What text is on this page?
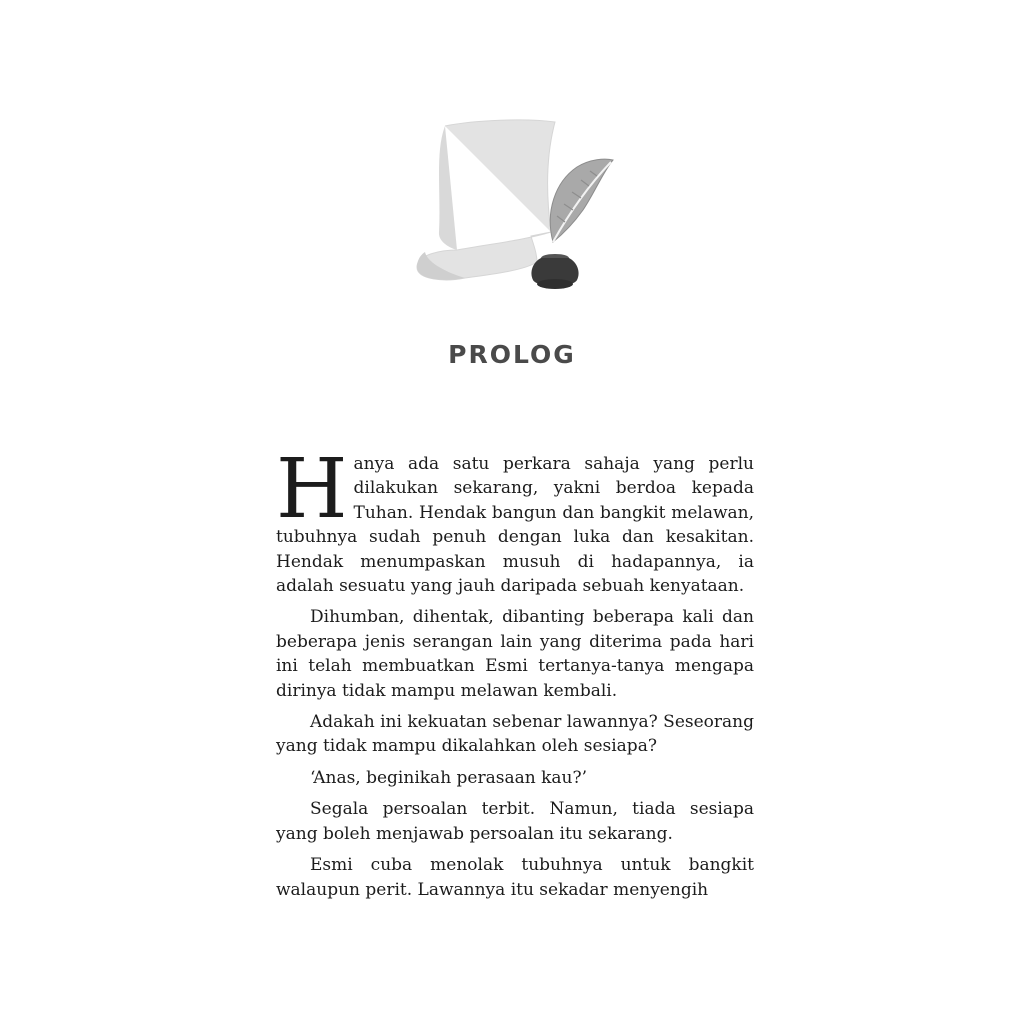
PROLOG

Hanya ada satu perkara sahaja yang perlu dilakukan sekarang, yakni berdoa kepada Tuhan. Hendak bangun dan bangkit melawan, tubuhnya sudah penuh dengan luka dan kesakitan. Hendak menumpaskan musuh di hadapannya, ia adalah sesuatu yang jauh daripada sebuah kenyataan.

Dihumban, dihentak, dibanting beberapa kali dan beberapa jenis serangan lain yang diterima pada hari ini telah membuatkan Esmi tertanya-tanya mengapa dirinya tidak mampu melawan kembali.

Adakah ini kekuatan sebenar lawannya? Seseorang yang tidak mampu dikalahkan oleh sesiapa?

‘Anas, beginikah perasaan kau?’

Segala persoalan terbit. Namun, tiada sesiapa yang boleh menjawab persoalan itu sekarang.

Esmi cuba menolak tubuhnya untuk bangkit walaupun perit. Lawannya itu sekadar menyengih
